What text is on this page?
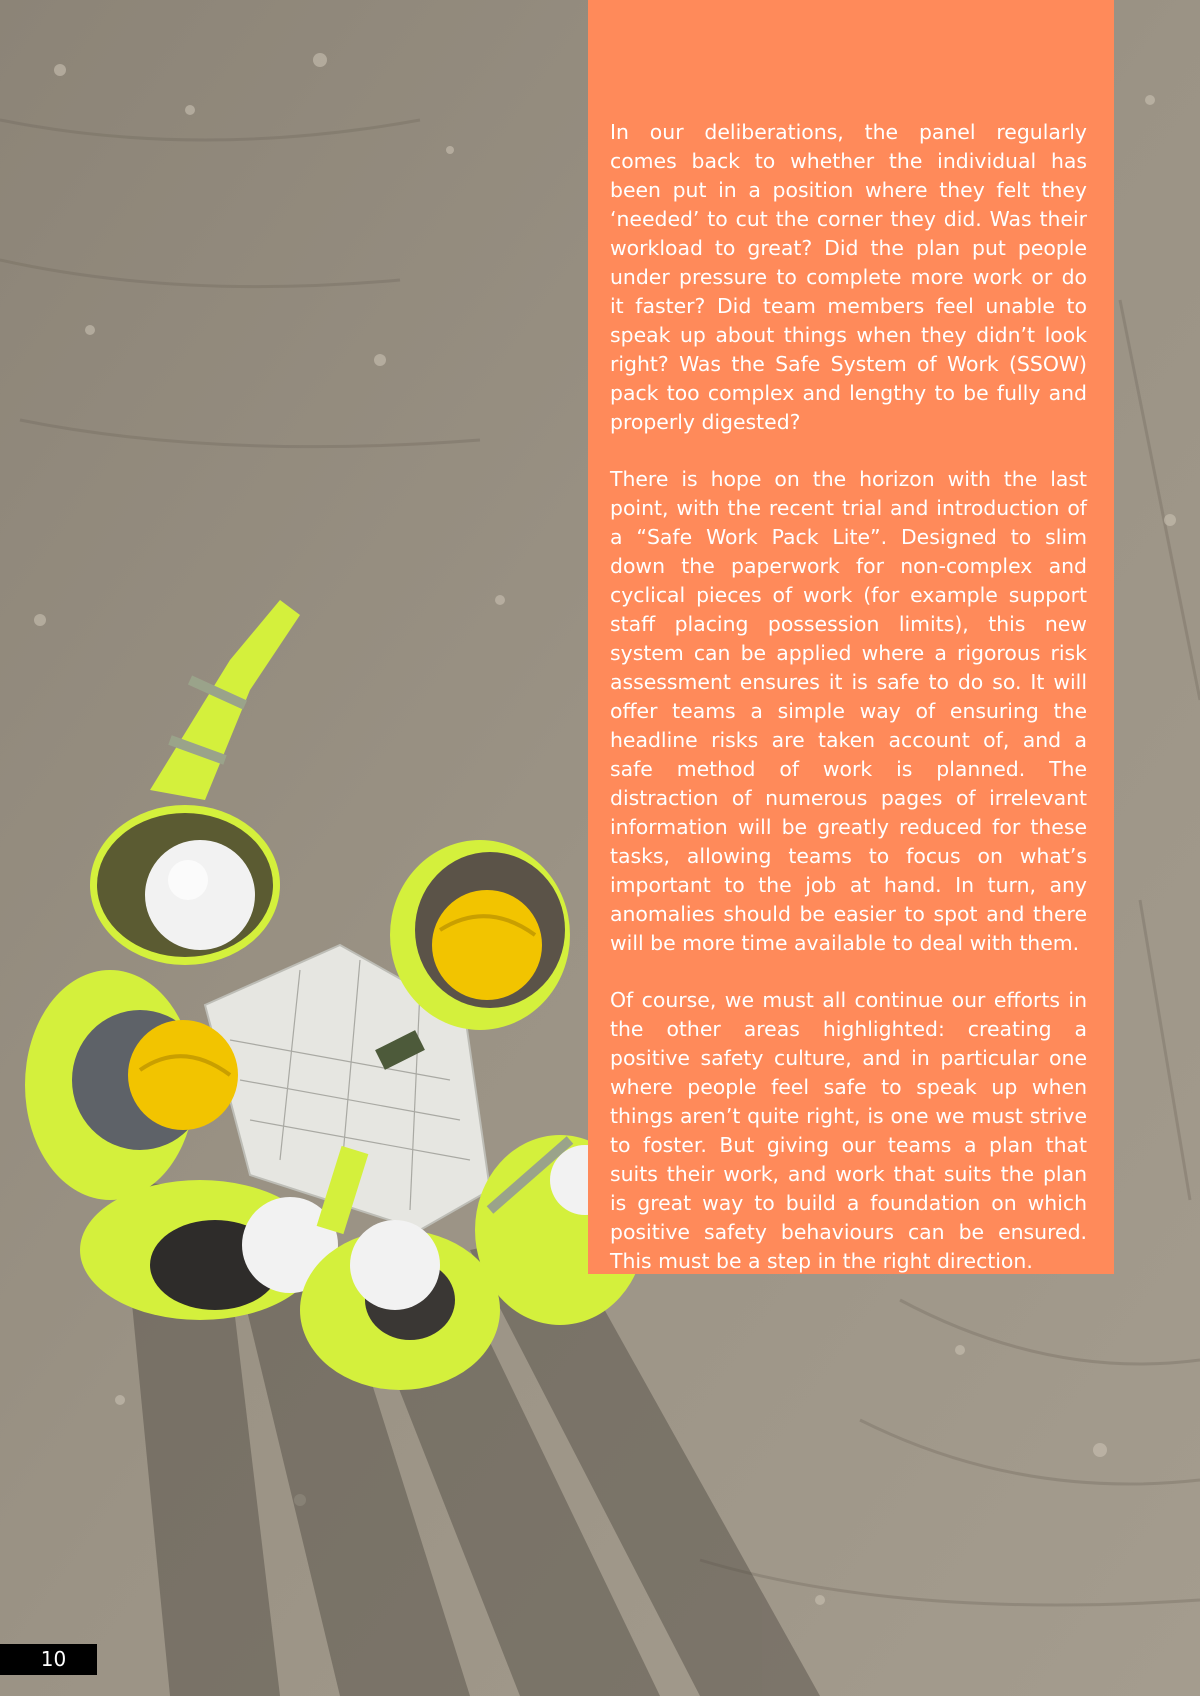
In our deliberations, the panel regularly comes back to whether the individual has been put in a position where they felt they ‘needed’ to cut the corner they did. Was their workload to great? Did the plan put people under pressure to complete more work or do it faster? Did team members feel unable to speak up about things when they didn’t look right? Was the Safe System of Work (SSOW) pack too complex and lengthy to be fully and properly digested?

There is hope on the horizon with the last point, with the recent trial and introduction of a “Safe Work Pack Lite”. Designed to slim down the paperwork for non-complex and cyclical pieces of work (for example support staff placing possession limits), this new system can be applied where a rigorous risk assessment ensures it is safe to do so. It will offer teams a simple way of ensuring the headline risks are taken account of, and a safe method of work is planned. The distraction of numerous pages of irrelevant information will be greatly reduced for these tasks, allowing teams to focus on what’s important to the job at hand. In turn, any anomalies should be easier to spot and there will be more time available to deal with them.

Of course, we must all continue our efforts in the other areas highlighted: creating a positive safety culture, and in particular one where people feel safe to speak up when things aren’t quite right, is one we must strive to foster. But giving our teams a plan that suits their work, and work that suits the plan is great way to build a foundation on which positive safety behaviours can be ensured. This must be a step in the right direction.

10
